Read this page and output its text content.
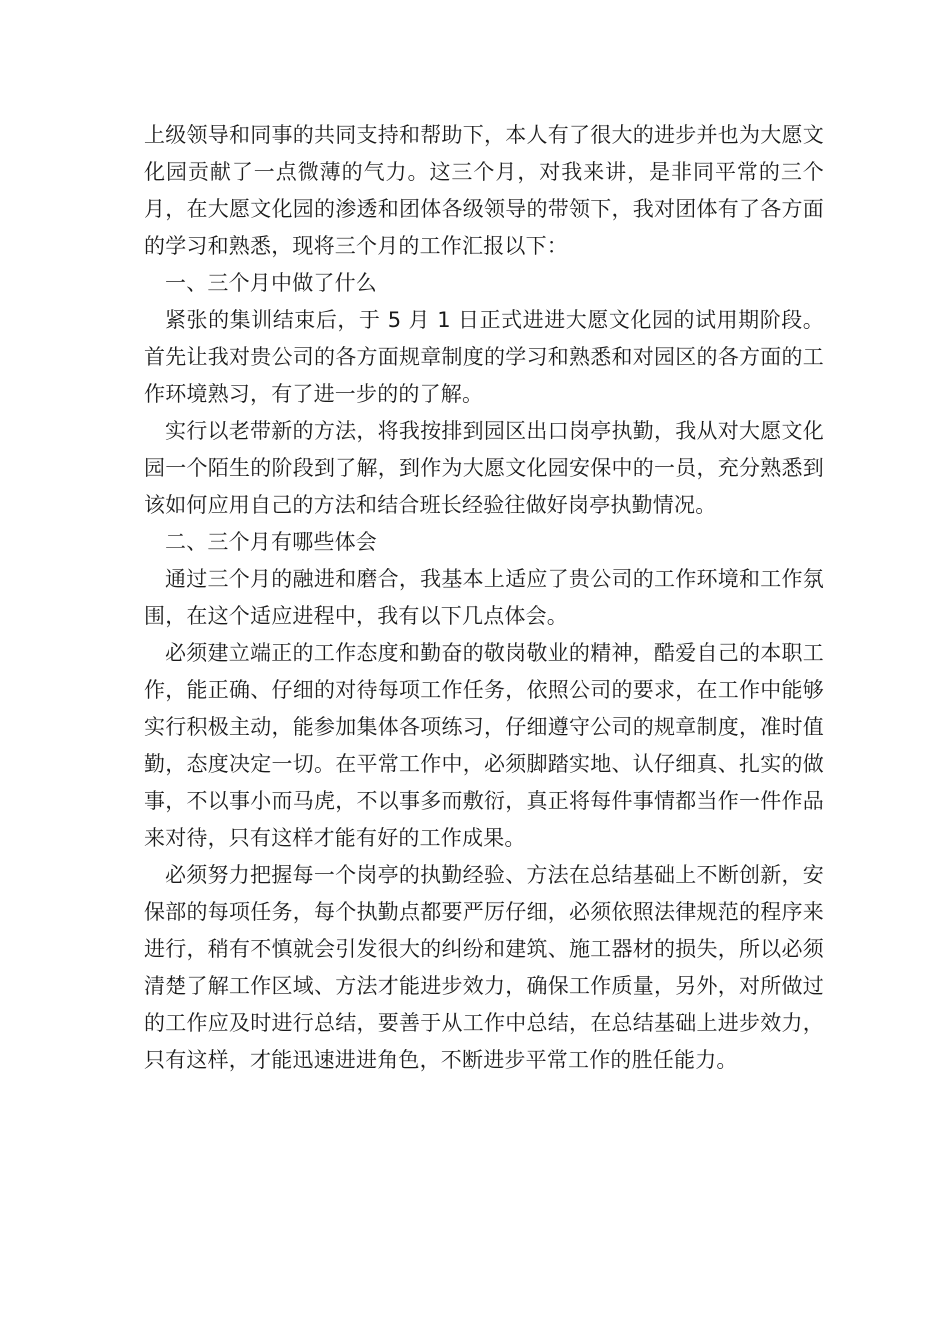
上级领导和同事的共同支持和帮助下，本人有了很大的进步并也为大愿文化园贡献了一点微薄的气力。这三个月，对我来讲，是非同平常的三个月，在大愿文化园的渗透和团体各级领导的带领下，我对团体有了各方面的学习和熟悉，现将三个月的工作汇报以下：

一、三个月中做了什么

紧张的集训结束后，于 5 月 1 日正式进进大愿文化园的试用期阶段。首先让我对贵公司的各方面规章制度的学习和熟悉和对园区的各方面的工作环境熟习，有了进一步的的了解。

实行以老带新的方法，将我按排到园区出口岗亭执勤，我从对大愿文化园一个陌生的阶段到了解，到作为大愿文化园安保中的一员，充分熟悉到该如何应用自己的方法和结合班长经验往做好岗亭执勤情况。

二、三个月有哪些体会

通过三个月的融进和磨合，我基本上适应了贵公司的工作环境和工作氛围，在这个适应进程中，我有以下几点体会。

必须建立端正的工作态度和勤奋的敬岗敬业的精神，酷爱自己的本职工作，能正确、仔细的对待每项工作任务，依照公司的要求，在工作中能够实行积极主动，能参加集体各项练习，仔细遵守公司的规章制度，准时值勤，态度决定一切。在平常工作中，必须脚踏实地、认仔细真、扎实的做事，不以事小而马虎，不以事多而敷衍，真正将每件事情都当作一件作品来对待，只有这样才能有好的工作成果。

必须努力把握每一个岗亭的执勤经验、方法在总结基础上不断创新，安保部的每项任务，每个执勤点都要严厉仔细，必须依照法律规范的程序来进行，稍有不慎就会引发很大的纠纷和建筑、施工器材的损失，所以必须清楚了解工作区域、方法才能进步效力，确保工作质量，另外，对所做过的工作应及时进行总结，要善于从工作中总结，在总结基础上进步效力，只有这样，才能迅速进进角色，不断进步平常工作的胜任能力。
